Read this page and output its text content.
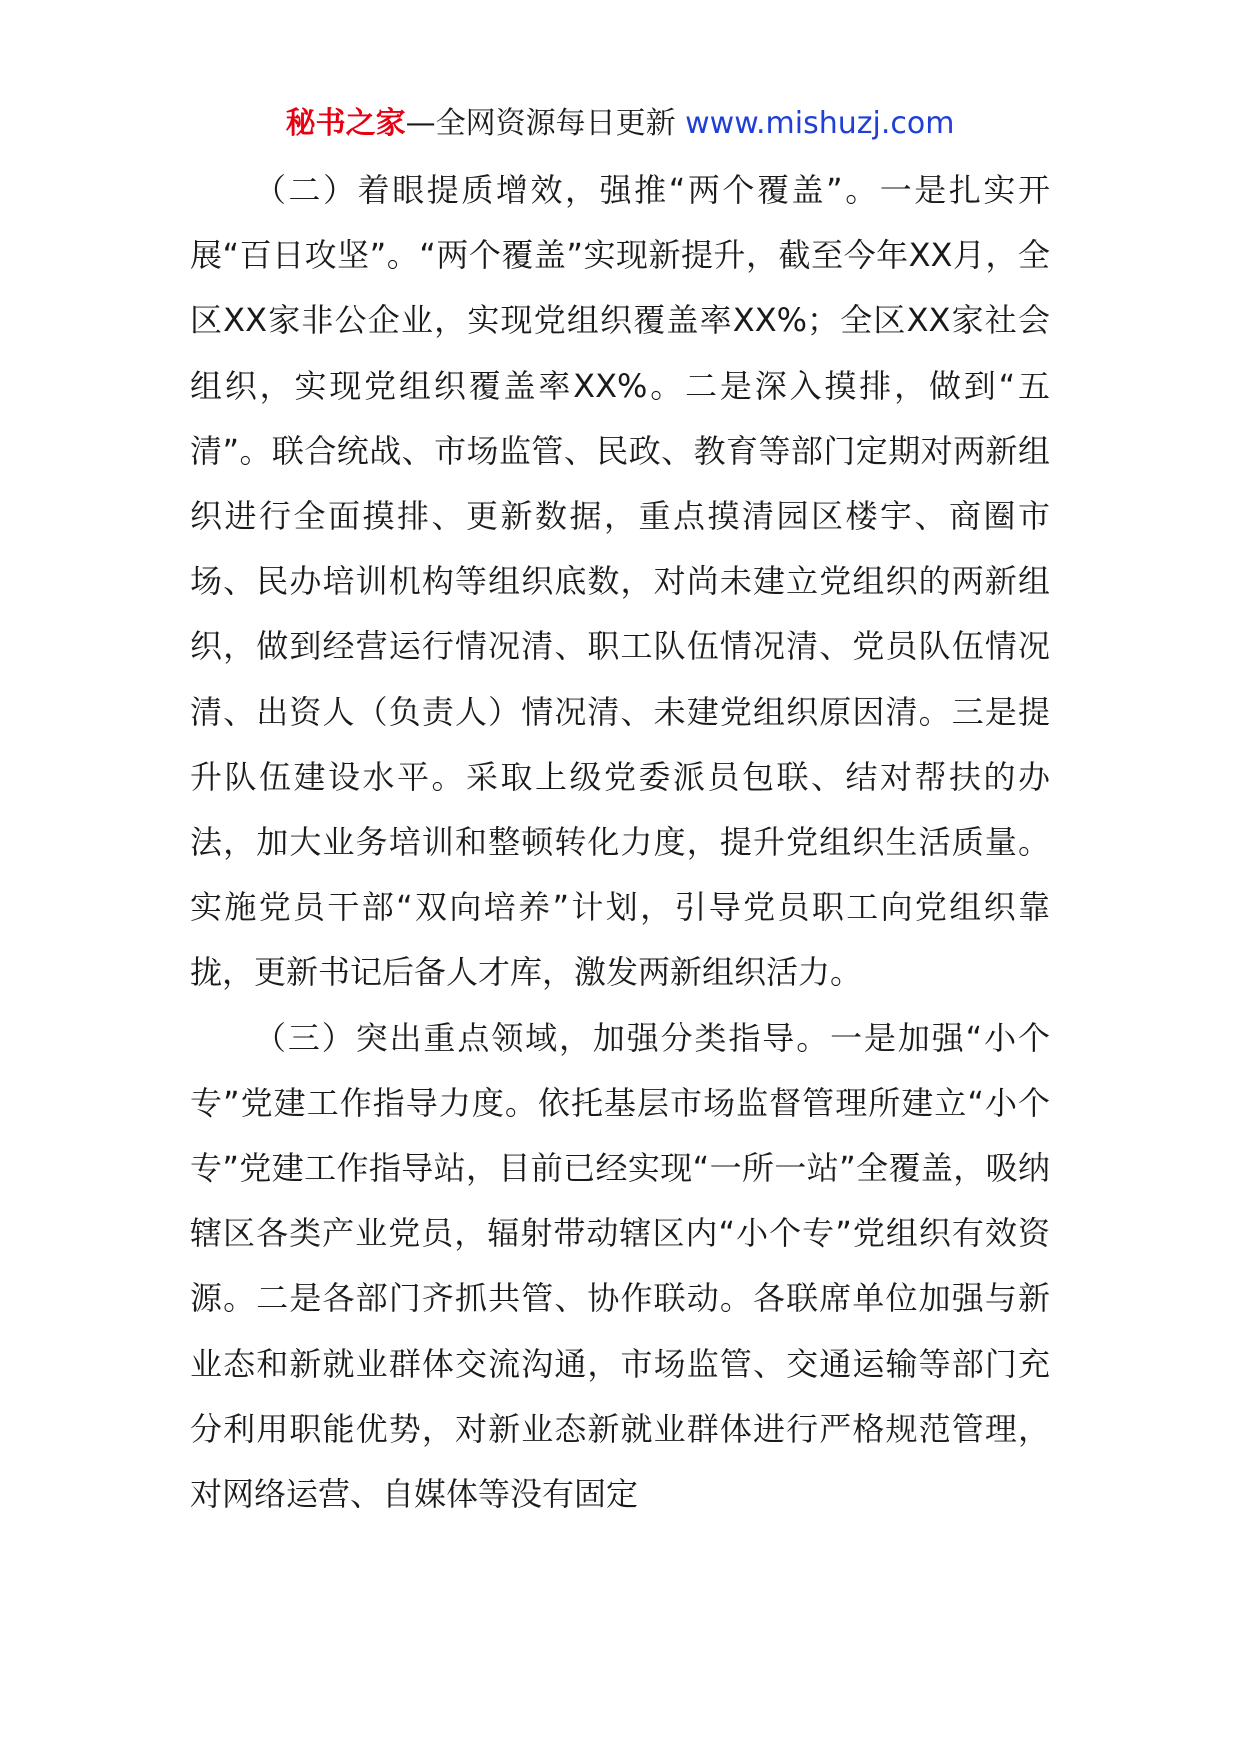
秘书之家—全网资源每日更新 www.mishuzj.com

（二）着眼提质增效，强推“两个覆盖”。一是扎实开展“百日攻坚”。“两个覆盖”实现新提升，截至今年XX月，全区XX家非公企业，实现党组织覆盖率XX%；全区XX家社会组织，实现党组织覆盖率XX%。二是深入摸排，做到“五清”。联合统战、市场监管、民政、教育等部门定期对两新组织进行全面摸排、更新数据，重点摸清园区楼宇、商圈市场、民办培训机构等组织底数，对尚未建立党组织的两新组织，做到经营运行情况清、职工队伍情况清、党员队伍情况清、出资人（负责人）情况清、未建党组织原因清。三是提升队伍建设水平。采取上级党委派员包联、结对帮扶的办法，加大业务培训和整顿转化力度，提升党组织生活质量。实施党员干部“双向培养”计划，引导党员职工向党组织靠拢，更新书记后备人才库，激发两新组织活力。

（三）突出重点领域，加强分类指导。一是加强“小个专”党建工作指导力度。依托基层市场监督管理所建立“小个专”党建工作指导站，目前已经实现“一所一站”全覆盖，吸纳辖区各类产业党员，辐射带动辖区内“小个专”党组织有效资源。二是各部门齐抓共管、协作联动。各联席单位加强与新业态和新就业群体交流沟通，市场监管、交通运输等部门充分利用职能优势，对新业态新就业群体进行严格规范管理，对网络运营、自媒体等没有固定
